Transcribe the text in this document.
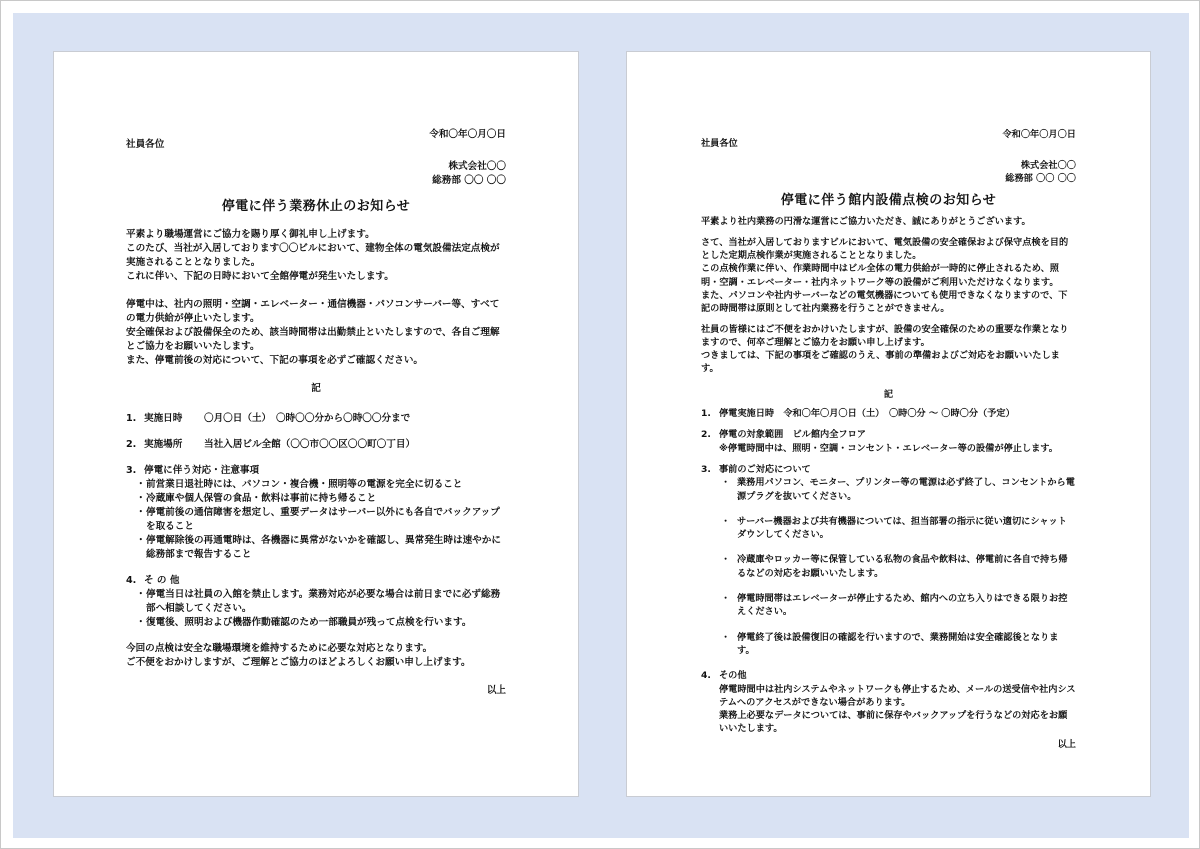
令和〇年〇月〇日
社員各位
株式会社〇〇
総務部 〇〇 〇〇
停電に伴う業務休止のお知らせ

平素より職場運営にご協力を賜り厚く御礼申し上げます。

このたび、当社が入居しております〇〇ビルにおいて、建物全体の電気設備法定点検が実施されることとなりました。

これに伴い、下記の日時において全館停電が発生いたします。

停電中は、社内の照明・空調・エレベーター・通信機器・パソコンサーバー等、すべての電力供給が停止いたします。

安全確保および設備保全のため、該当時間帯は出勤禁止といたしますので、各自ご理解とご協力をお願いいたします。

また、停電前後の対応について、下記の事項を必ずご確認ください。

記
1. 実施日時 〇月〇日（土）　〇時〇〇分から〇時〇〇分まで
2. 実施場所 当社入居ビル全館（〇〇市〇〇区〇〇町〇丁目）
3. 停電に伴う対応・注意事項
・ 前営業日退社時には、パソコン・複合機・照明等の電源を完全に切ること
・ 冷蔵庫や個人保管の食品・飲料は事前に持ち帰ること
・ 停電前後の通信障害を想定し、重要データはサーバー以外にも各自でバックアップを取ること
・ 停電解除後の再通電時は、各機器に異常がないかを確認し、異常発生時は速やかに総務部まで報告すること
4. そ の 他
・ 停電当日は社員の入館を禁止します。業務対応が必要な場合は前日までに必ず総務部へ相談してください。
・ 復電後、照明および機器作動確認のため一部職員が残って点検を行います。

今回の点検は安全な職場環境を維持するために必要な対応となります。

ご不便をおかけしますが、ご理解とご協力のほどよろしくお願い申し上げます。

以上
令和〇年〇月〇日
社員各位
株式会社〇〇
総務部 〇〇 〇〇
停電に伴う館内設備点検のお知らせ

平素より社内業務の円滑な運営にご協力いただき、誠にありがとうございます。

さて、当社が入居しておりますビルにおいて、電気設備の安全確保および保守点検を目的とした定期点検作業が実施されることとなりました。

この点検作業に伴い、作業時間中はビル全体の電力供給が一時的に停止されるため、照明・空調・エレベーター・社内ネットワーク等の設備がご利用いただけなくなります。

また、パソコンや社内サーバーなどの電気機器についても使用できなくなりますので、下記の時間帯は原則として社内業務を行うことができません。

社員の皆様にはご不便をおかけいたしますが、設備の安全確保のための重要な作業となりますので、何卒ご理解とご協力をお願い申し上げます。

つきましては、下記の事項をご確認のうえ、事前の準備およびご対応をお願いいたします。

記
1. 停電実施日時　 令和〇年〇月〇日（土）　〇時〇分 ～ 〇時〇分（予定）
2. 停電の対象範囲　 ビル館内全フロア
※停電時間中は、照明・空調・コンセント・エレベーター等の設備が停止します。
3. 事前のご対応について
・ 業務用パソコン、モニター、プリンター等の電源は必ず終了し、コンセントから電源プラグを抜いてください。
・ サーバー機器および共有機器については、担当部署の指示に従い適切にシャットダウンしてください。
・ 冷蔵庫やロッカー等に保管している私物の食品や飲料は、停電前に各自で持ち帰るなどの対応をお願いいたします。
・ 停電時間帯はエレベーターが停止するため、館内への立ち入りはできる限りお控えください。
・ 停電終了後は設備復旧の確認を行いますので、業務開始は安全確認後となります。
4. その他
停電時間中は社内システムやネットワークも停止するため、メールの送受信や社内システムへのアクセスができない場合があります。
業務上必要なデータについては、事前に保存やバックアップを行うなどの対応をお願いいたします。
以上
